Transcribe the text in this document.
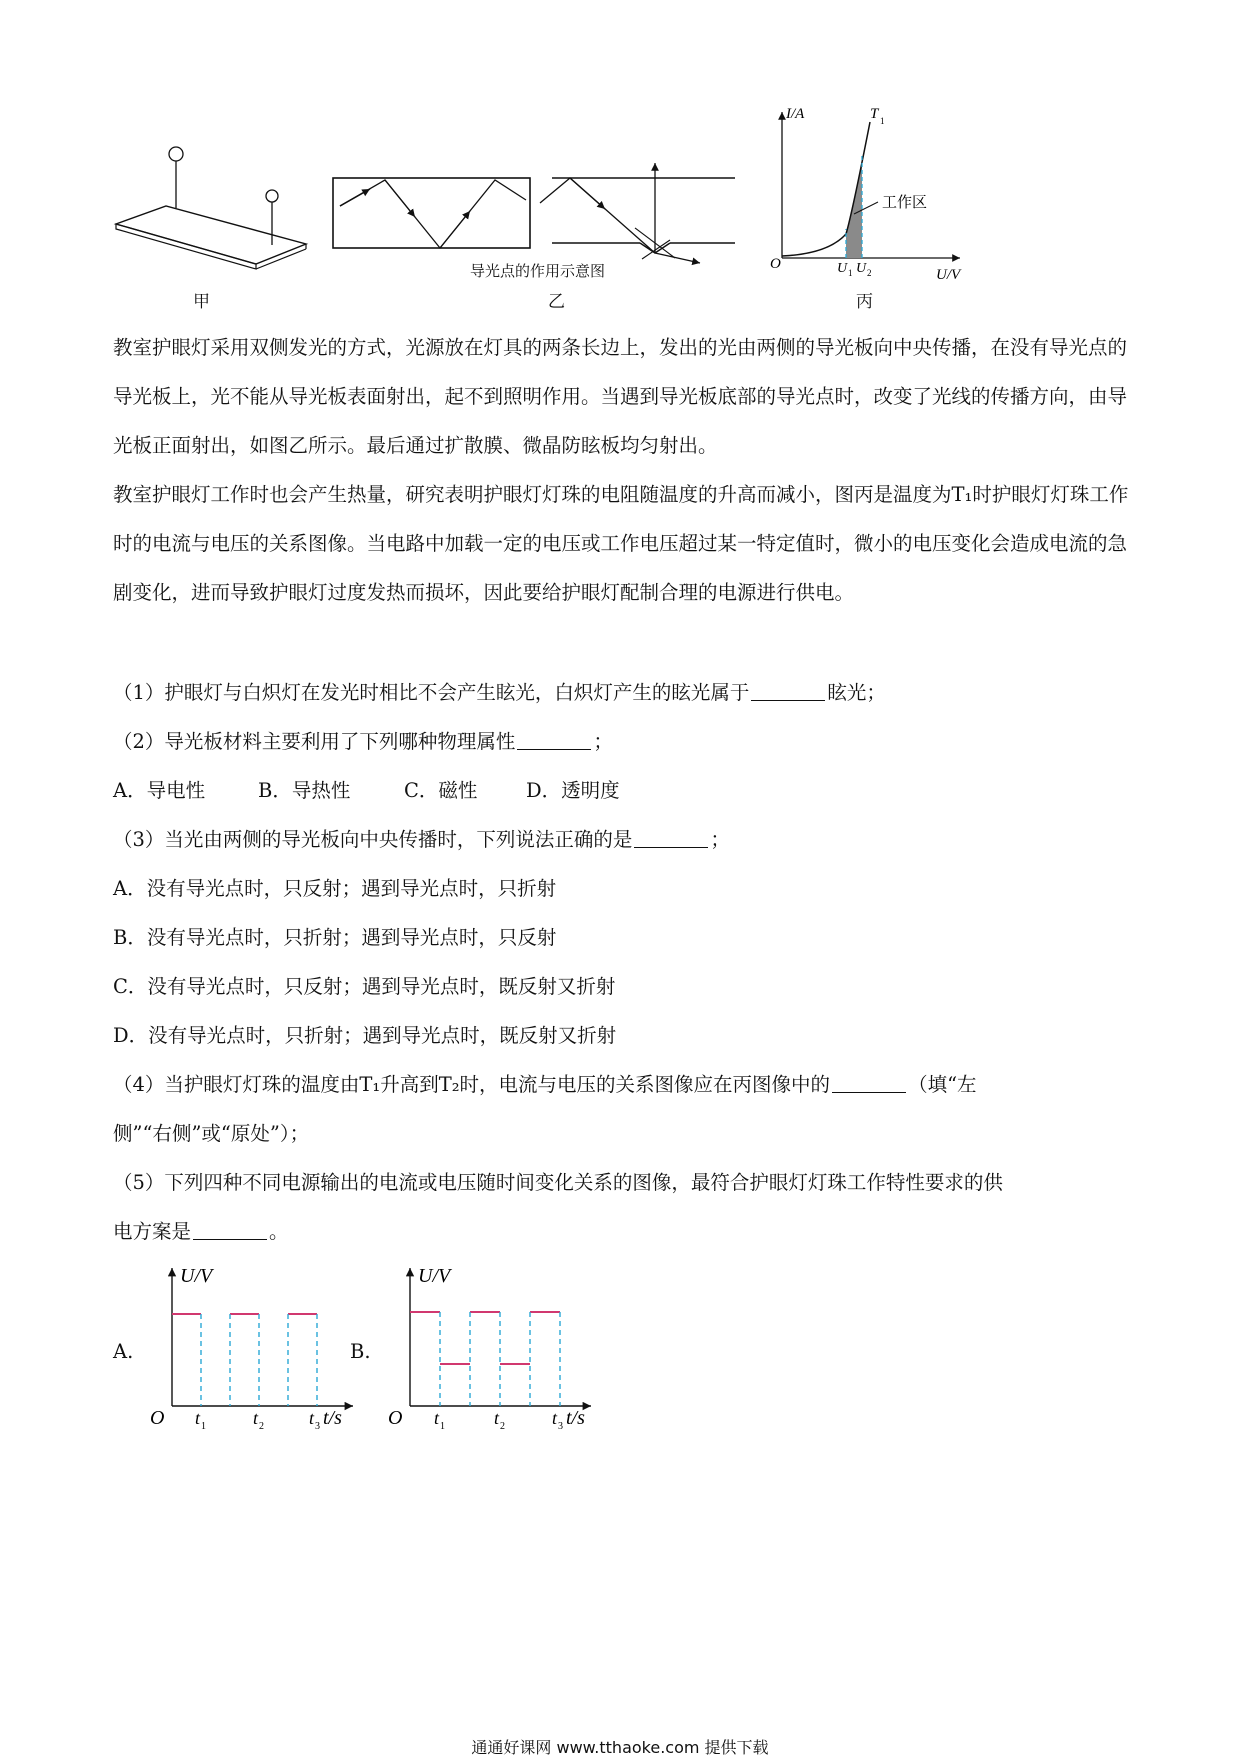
甲
导光点的作用示意图
乙
I/A
U/V
O
T 1
工作区
U 1 U 2
丙
教室护眼灯采用双侧发光的方式，光源放在灯具的两条长边上，发出的光由两侧的导光板向中央传播，在没有导光点的导光板上，光不能从导光板表面射出，起不到照明作用。当遇到导光板底部的导光点时，改变了光线的传播方向，由导光板正面射出，如图乙所示。最后通过扩散膜、微晶防眩板均匀射出。
教室护眼灯工作时也会产生热量，研究表明护眼灯灯珠的电阻随温度的升高而减小，图丙是温度为T₁时护眼灯灯珠工作时的电流与电压的关系图像。当电路中加载一定的电压或工作电压超过某一特定值时，微小的电压变化会造成电流的急剧变化，进而导致护眼灯过度发热而损坏，因此要给护眼灯配制合理的电源进行供电。
（1）护眼灯与白炽灯在发光时相比不会产生眩光，白炽灯产生的眩光属于	眩光；
（2）导光板材料主要利用了下列哪种物理属性	；
A．导电性	B．导热性	C．磁性 D．透明度
（3）当光由两侧的导光板向中央传播时，下列说法正确的是	；
A．没有导光点时，只反射；遇到导光点时，只折射
B．没有导光点时，只折射；遇到导光点时，只反射
C．没有导光点时，只反射；遇到导光点时，既反射又折射
D．没有导光点时，只折射；遇到导光点时，既反射又折射
（4）当护眼灯灯珠的温度由T₁升高到T₂时，电流与电压的关系图像应在丙图像中的	（填“左
侧”“右侧”或“原处”）；
（5）下列四种不同电源输出的电流或电压随时间变化关系的图像，最符合护眼灯灯珠工作特性要求的供
电方案是	。
A.
U/V
O t 1	t 2	t 3 t/s
B.
U/V
O t 1	t 2	t 3 t/s
通通好课网 www.tthaoke.com 提供下载
